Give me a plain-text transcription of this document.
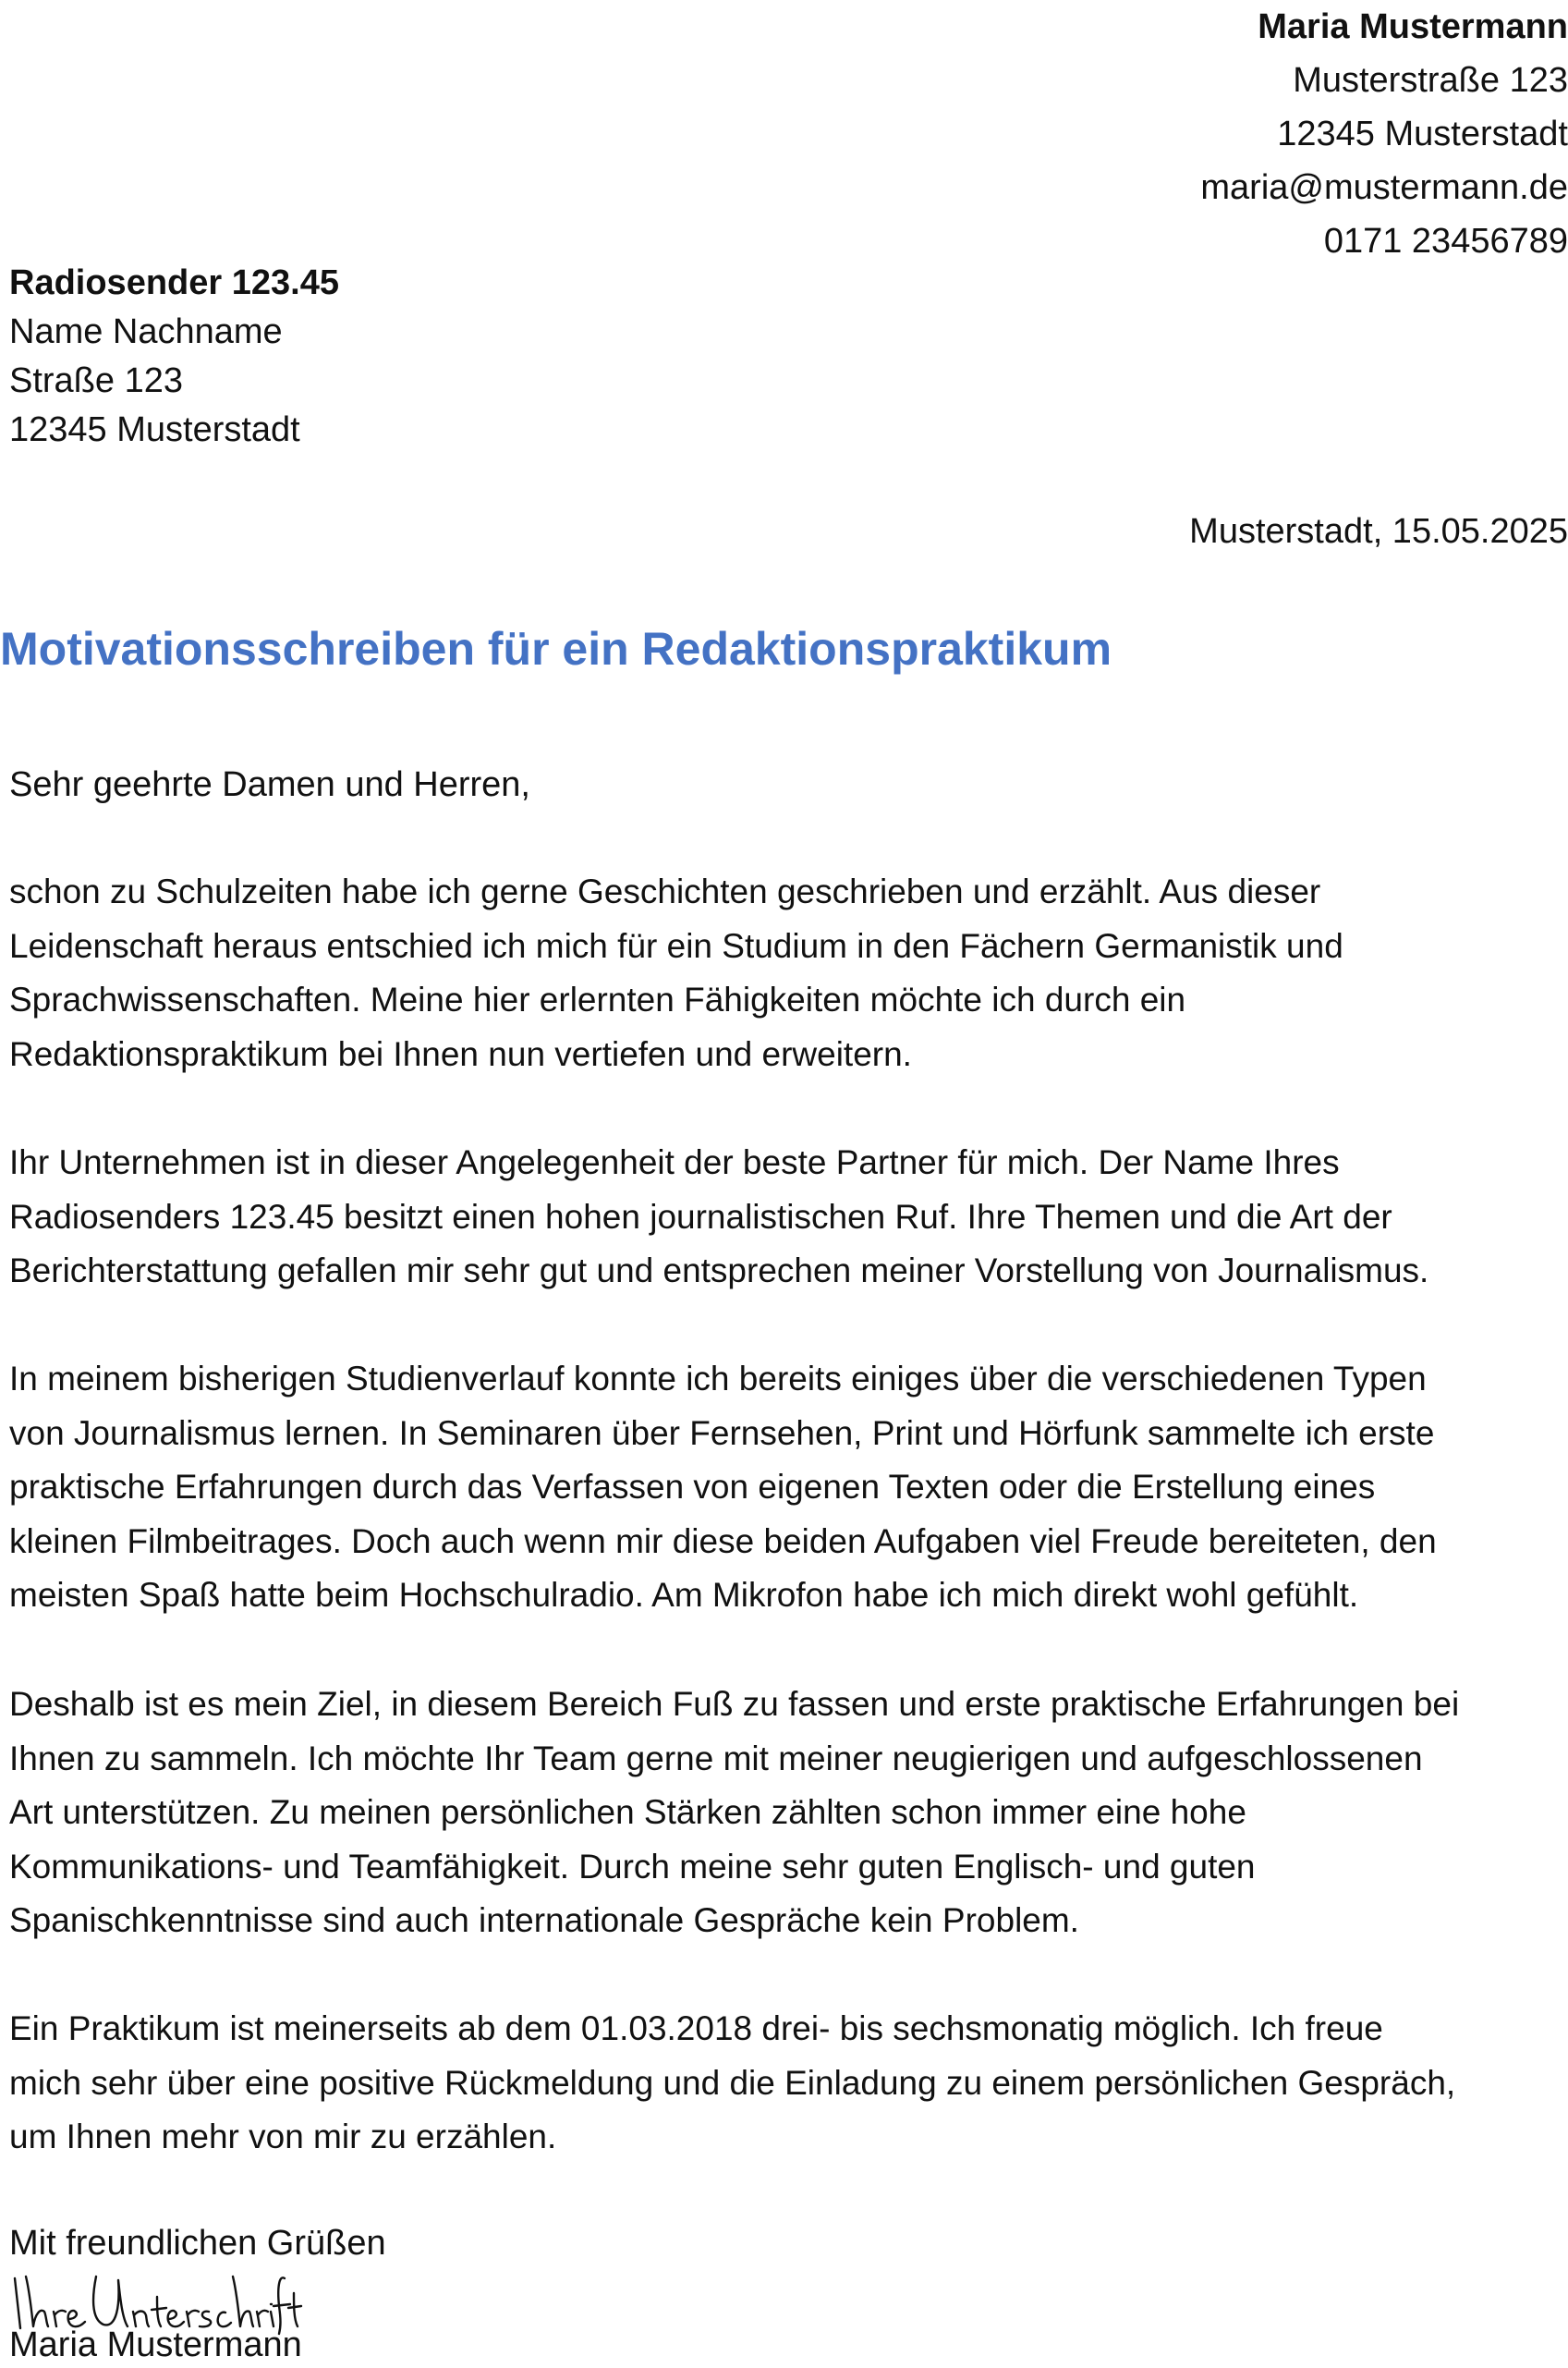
Maria Mustermann
Musterstraße 123
12345 Musterstadt
maria@mustermann.de
0171 23456789
Radiosender 123.45
Name Nachname
Straße 123
12345 Musterstadt
Musterstadt, 15.05.2025
Motivationsschreiben für ein Redaktionspraktikum
Sehr geehrte Damen und Herren,
schon zu Schulzeiten habe ich gerne Geschichten geschrieben und erzählt. Aus dieser
Leidenschaft heraus entschied ich mich für ein Studium in den Fächern Germanistik und
Sprachwissenschaften. Meine hier erlernten Fähigkeiten möchte ich durch ein
Redaktionspraktikum bei Ihnen nun vertiefen und erweitern.
Ihr Unternehmen ist in dieser Angelegenheit der beste Partner für mich. Der Name Ihres
Radiosenders 123.45 besitzt einen hohen journalistischen Ruf. Ihre Themen und die Art der
Berichterstattung gefallen mir sehr gut und entsprechen meiner Vorstellung von Journalismus.
In meinem bisherigen Studienverlauf konnte ich bereits einiges über die verschiedenen Typen
von Journalismus lernen. In Seminaren über Fernsehen, Print und Hörfunk sammelte ich erste
praktische Erfahrungen durch das Verfassen von eigenen Texten oder die Erstellung eines
kleinen Filmbeitrages. Doch auch wenn mir diese beiden Aufgaben viel Freude bereiteten, den
meisten Spaß hatte beim Hochschulradio. Am Mikrofon habe ich mich direkt wohl gefühlt.
Deshalb ist es mein Ziel, in diesem Bereich Fuß zu fassen und erste praktische Erfahrungen bei
Ihnen zu sammeln. Ich möchte Ihr Team gerne mit meiner neugierigen und aufgeschlossenen
Art unterstützen. Zu meinen persönlichen Stärken zählten schon immer eine hohe
Kommunikations- und Teamfähigkeit. Durch meine sehr guten Englisch- und guten
Spanischkenntnisse sind auch internationale Gespräche kein Problem.
Ein Praktikum ist meinerseits ab dem 01.03.2018 drei- bis sechsmonatig möglich. Ich freue
mich sehr über eine positive Rückmeldung und die Einladung zu einem persönlichen Gespräch,
um Ihnen mehr von mir zu erzählen.
Mit freundlichen Grüßen
Maria Mustermann
